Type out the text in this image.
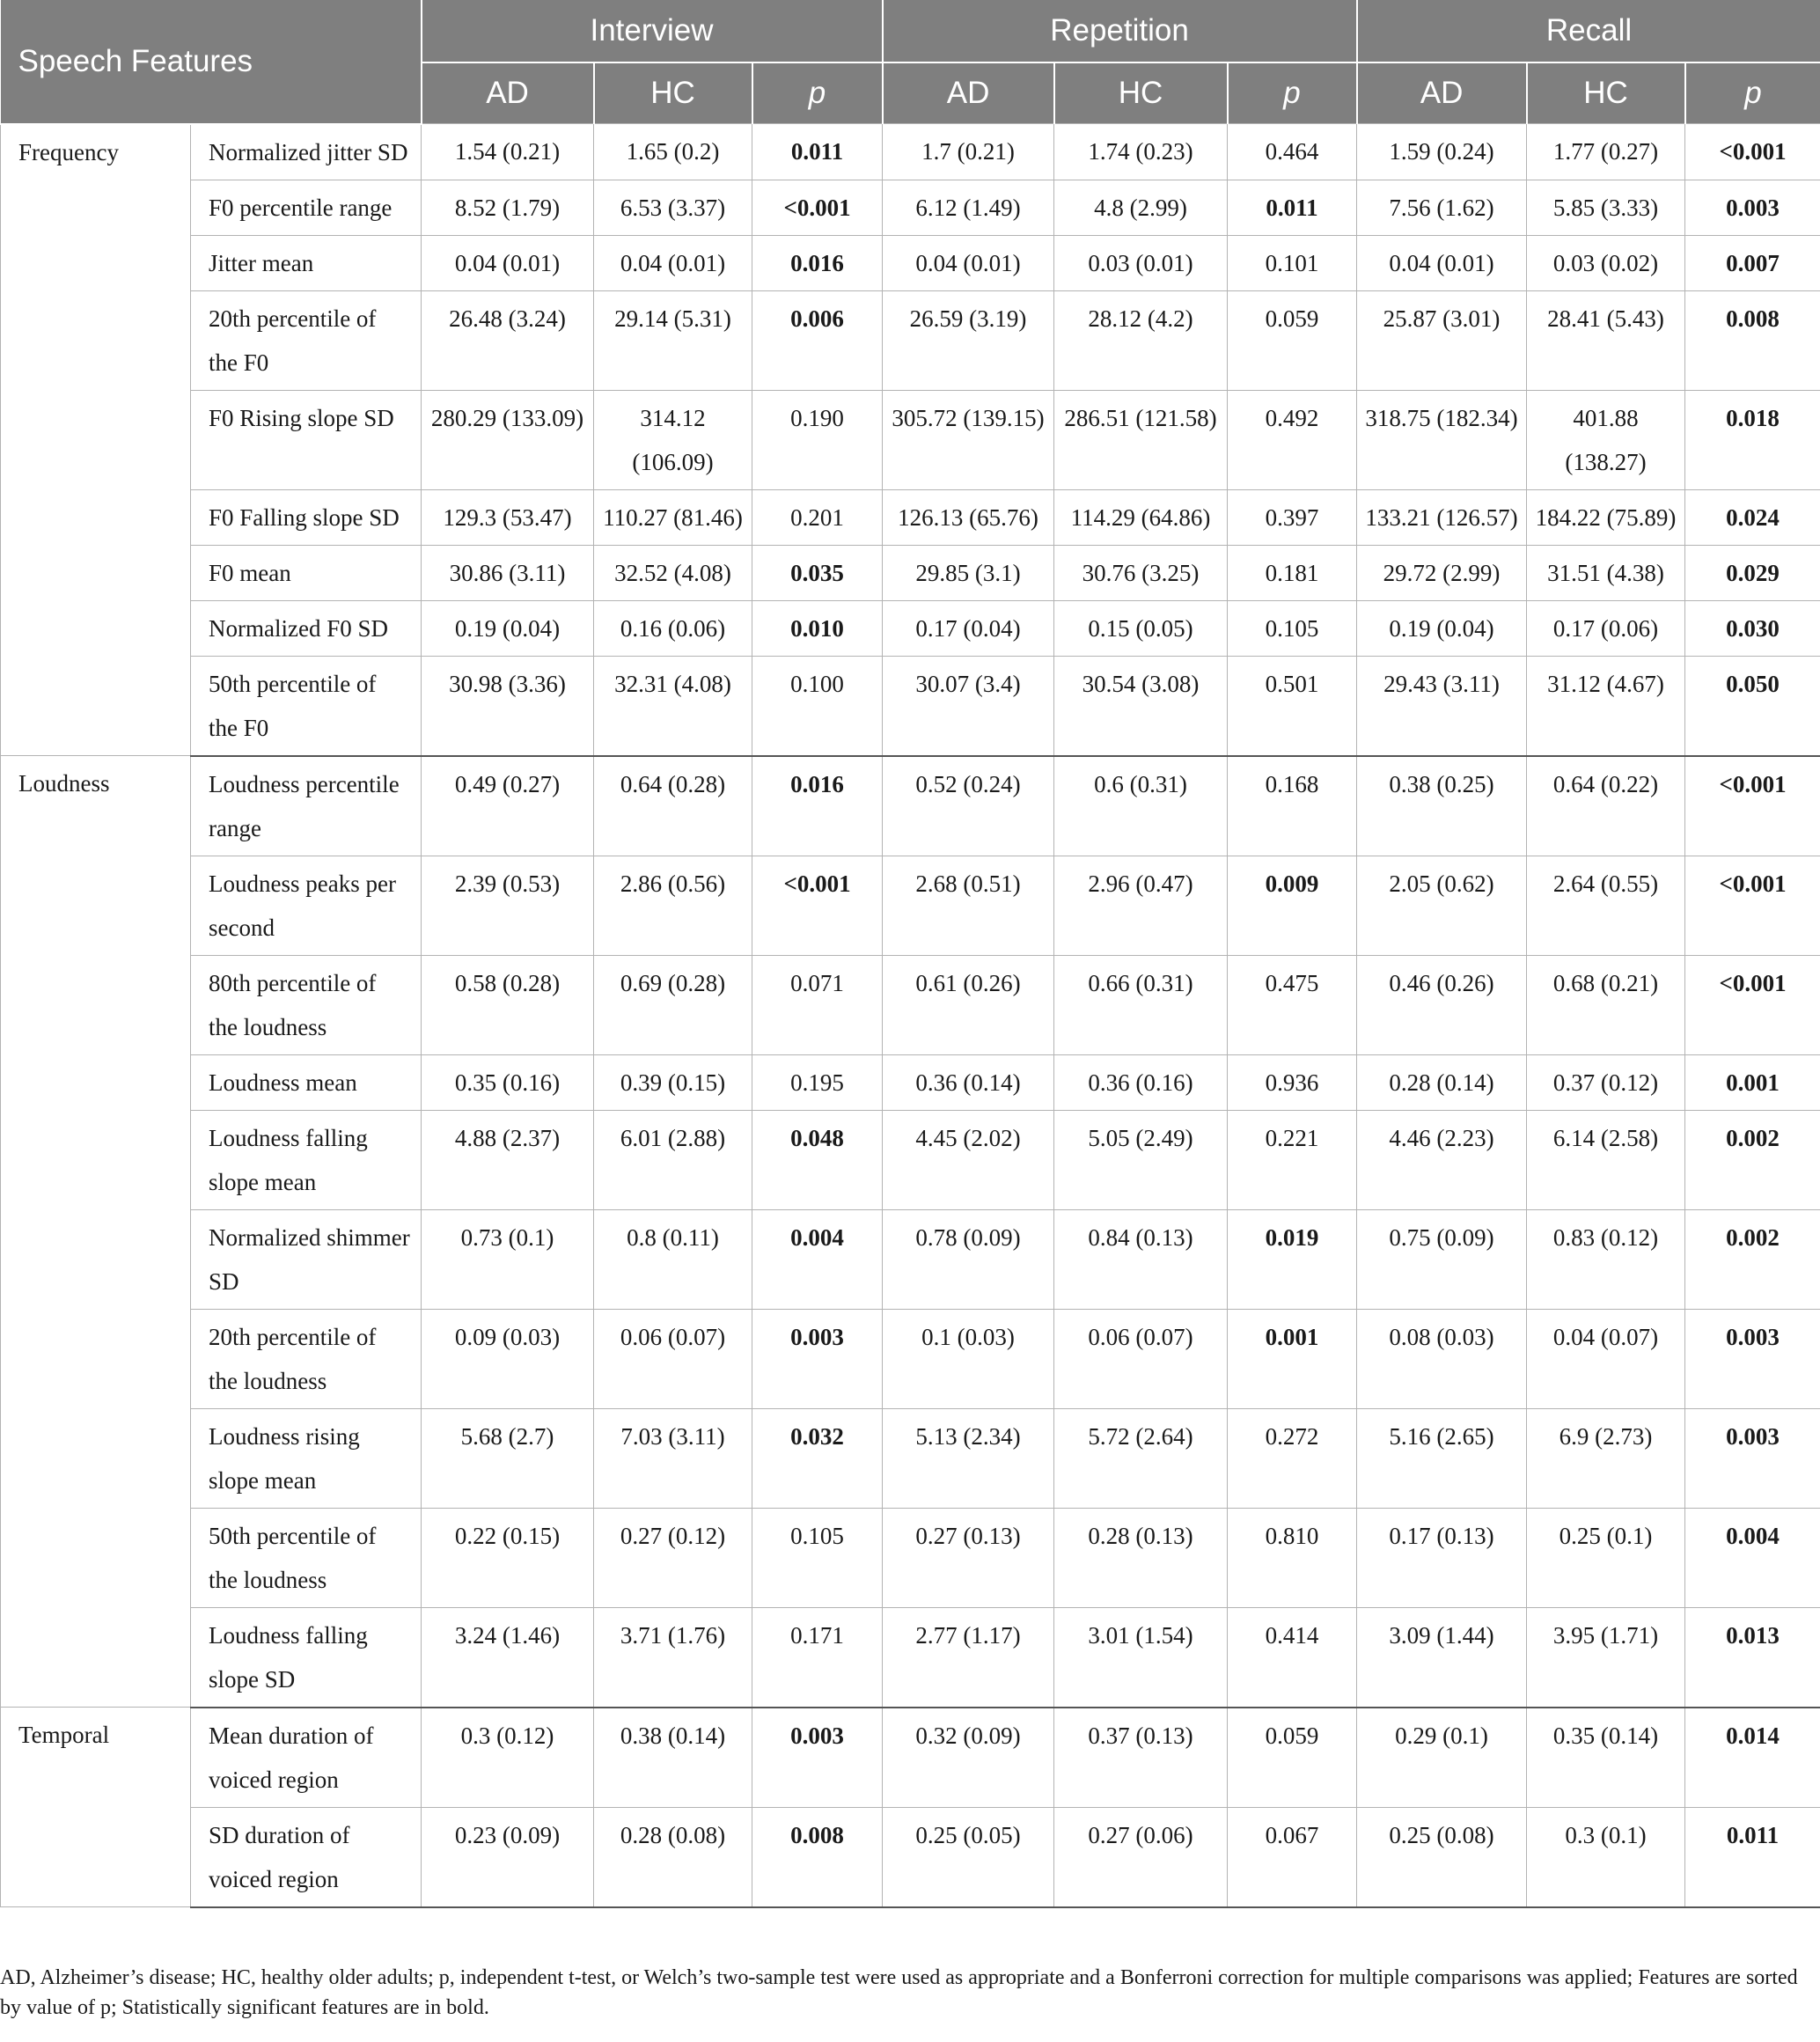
Speech Features		Interview			Repetition			Recall		
		AD	HC	p	AD	HC	p	AD	HC	p
Frequency	Normalized jitter SD	1.54 (0.21)	1.65 (0.2)	0.011	1.7 (0.21)	1.74 (0.23)	0.464	1.59 (0.24)	1.77 (0.27)	<0.001
	F0 percentile range	8.52 (1.79)	6.53 (3.37)	<0.001	6.12 (1.49)	4.8 (2.99)	0.011	7.56 (1.62)	5.85 (3.33)	0.003
	Jitter mean	0.04 (0.01)	0.04 (0.01)	0.016	0.04 (0.01)	0.03 (0.01)	0.101	0.04 (0.01)	0.03 (0.02)	0.007
	20th percentile of the F0	26.48 (3.24)	29.14 (5.31)	0.006	26.59 (3.19)	28.12 (4.2)	0.059	25.87 (3.01)	28.41 (5.43)	0.008
	F0 Rising slope SD	280.29 (133.09)	314.12 (106.09)	0.190	305.72 (139.15)	286.51 (121.58)	0.492	318.75 (182.34)	401.88 (138.27)	0.018
	F0 Falling slope SD	129.3 (53.47)	110.27 (81.46)	0.201	126.13 (65.76)	114.29 (64.86)	0.397	133.21 (126.57)	184.22 (75.89)	0.024
	F0 mean	30.86 (3.11)	32.52 (4.08)	0.035	29.85 (3.1)	30.76 (3.25)	0.181	29.72 (2.99)	31.51 (4.38)	0.029
	Normalized F0 SD	0.19 (0.04)	0.16 (0.06)	0.010	0.17 (0.04)	0.15 (0.05)	0.105	0.19 (0.04)	0.17 (0.06)	0.030
	50th percentile of the F0	30.98 (3.36)	32.31 (4.08)	0.100	30.07 (3.4)	30.54 (3.08)	0.501	29.43 (3.11)	31.12 (4.67)	0.050
Loudness	Loudness percentile range	0.49 (0.27)	0.64 (0.28)	0.016	0.52 (0.24)	0.6 (0.31)	0.168	0.38 (0.25)	0.64 (0.22)	<0.001
	Loudness peaks per second	2.39 (0.53)	2.86 (0.56)	<0.001	2.68 (0.51)	2.96 (0.47)	0.009	2.05 (0.62)	2.64 (0.55)	<0.001
	80th percentile of the loudness	0.58 (0.28)	0.69 (0.28)	0.071	0.61 (0.26)	0.66 (0.31)	0.475	0.46 (0.26)	0.68 (0.21)	<0.001
	Loudness mean	0.35 (0.16)	0.39 (0.15)	0.195	0.36 (0.14)	0.36 (0.16)	0.936	0.28 (0.14)	0.37 (0.12)	0.001
	Loudness falling slope mean	4.88 (2.37)	6.01 (2.88)	0.048	4.45 (2.02)	5.05 (2.49)	0.221	4.46 (2.23)	6.14 (2.58)	0.002
	Normalized shimmer SD	0.73 (0.1)	0.8 (0.11)	0.004	0.78 (0.09)	0.84 (0.13)	0.019	0.75 (0.09)	0.83 (0.12)	0.002
	20th percentile of the loudness	0.09 (0.03)	0.06 (0.07)	0.003	0.1 (0.03)	0.06 (0.07)	0.001	0.08 (0.03)	0.04 (0.07)	0.003
	Loudness rising slope mean	5.68 (2.7)	7.03 (3.11)	0.032	5.13 (2.34)	5.72 (2.64)	0.272	5.16 (2.65)	6.9 (2.73)	0.003
	50th percentile of the loudness	0.22 (0.15)	0.27 (0.12)	0.105	0.27 (0.13)	0.28 (0.13)	0.810	0.17 (0.13)	0.25 (0.1)	0.004
	Loudness falling slope SD	3.24 (1.46)	3.71 (1.76)	0.171	2.77 (1.17)	3.01 (1.54)	0.414	3.09 (1.44)	3.95 (1.71)	0.013
Temporal	Mean duration of voiced region	0.3 (0.12)	0.38 (0.14)	0.003	0.32 (0.09)	0.37 (0.13)	0.059	0.29 (0.1)	0.35 (0.14)	0.014
	SD duration of voiced region	0.23 (0.09)	0.28 (0.08)	0.008	0.25 (0.05)	0.27 (0.06)	0.067	0.25 (0.08)	0.3 (0.1)	0.011
AD, Alzheimer’s disease; HC, healthy older adults; p, independent t-test, or Welch’s two-sample test were used as appropriate and a Bonferroni correction for multiple comparisons was applied; Features are sorted by value of p; Statistically significant features are in bold.
